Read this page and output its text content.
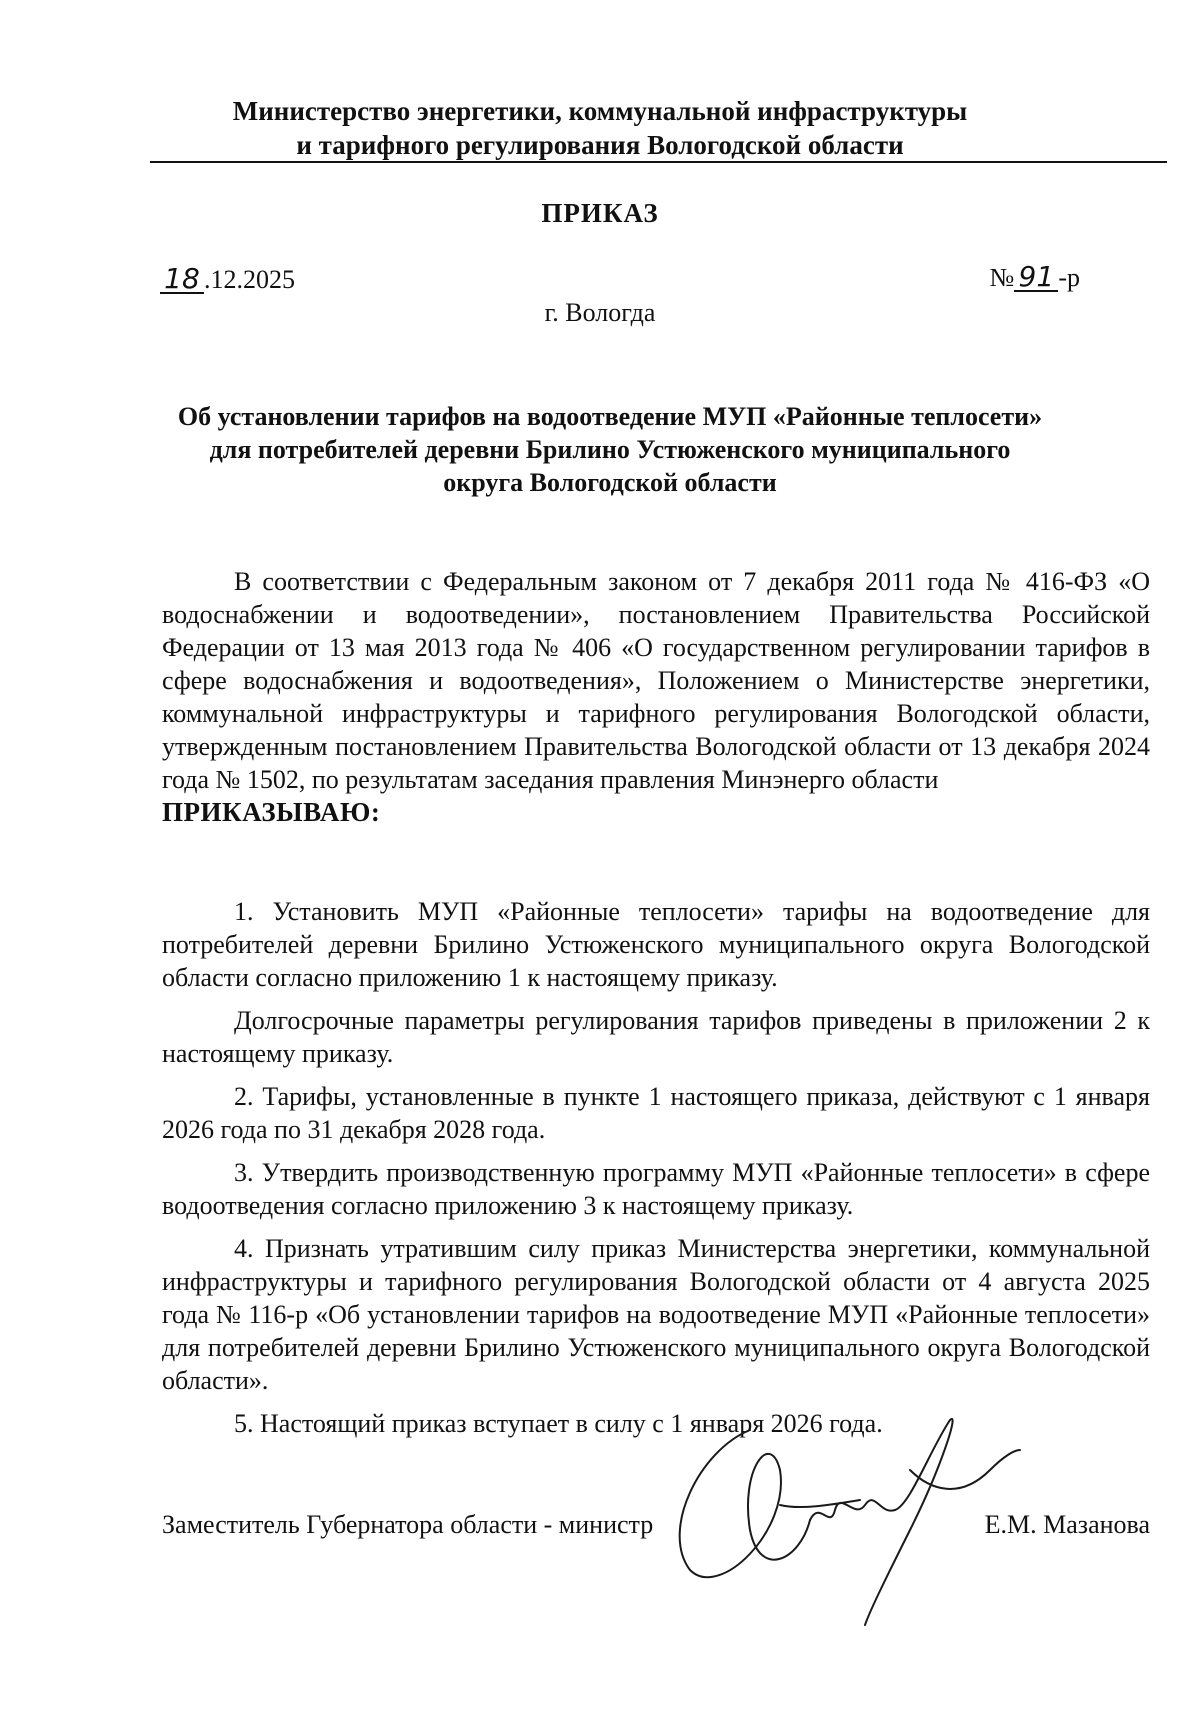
Министерство энергетики, коммунальной инфраструктуры
и тарифного регулирования Вологодской области
ПРИКАЗ
18 .12.2025	№ 91 -р
г. Вологда
Об установлении тарифов на водоотведение МУП «Районные теплосети»
для потребителей деревни Брилино Устюженского муниципального
округа Вологодской области
В соответствии с Федеральным законом от 7 декабря 2011 года № 416-ФЗ «О водоснабжении и водоотведении», постановлением Правительства Российской Федерации от 13 мая 2013 года № 406 «О государственном регулировании тарифов в сфере водоснабжения и водоотведения», Положением о Министерстве энергетики, коммунальной инфраструктуры и тарифного регулирования Вологодской области, утвержденным постановлением Правительства Вологодской области от 13 декабря 2024 года № 1502, по результатам заседания правления Минэнерго области
ПРИКАЗЫВАЮ:

1. Установить МУП «Районные теплосети» тарифы на водоотведение для потребителей деревни Брилино Устюженского муниципального округа Вологодской области согласно приложению 1 к настоящему приказу.

Долгосрочные параметры регулирования тарифов приведены в приложении 2 к настоящему приказу.

2. Тарифы, установленные в пункте 1 настоящего приказа, действуют с 1 января 2026 года по 31 декабря 2028 года.

3. Утвердить производственную программу МУП «Районные теплосети» в сфере водоотведения согласно приложению 3 к настоящему приказу.

4. Признать утратившим силу приказ Министерства энергетики, коммунальной инфраструктуры и тарифного регулирования Вологодской области от 4 августа 2025 года № 116-р «Об установлении тарифов на водоотведение МУП «Районные теплосети» для потребителей деревни Брилино Устюженского муниципального округа Вологодской области».

5. Настоящий приказ вступает в силу с 1 января 2026 года.

Заместитель Губернатора области - министр	Е.М. Мазанова
